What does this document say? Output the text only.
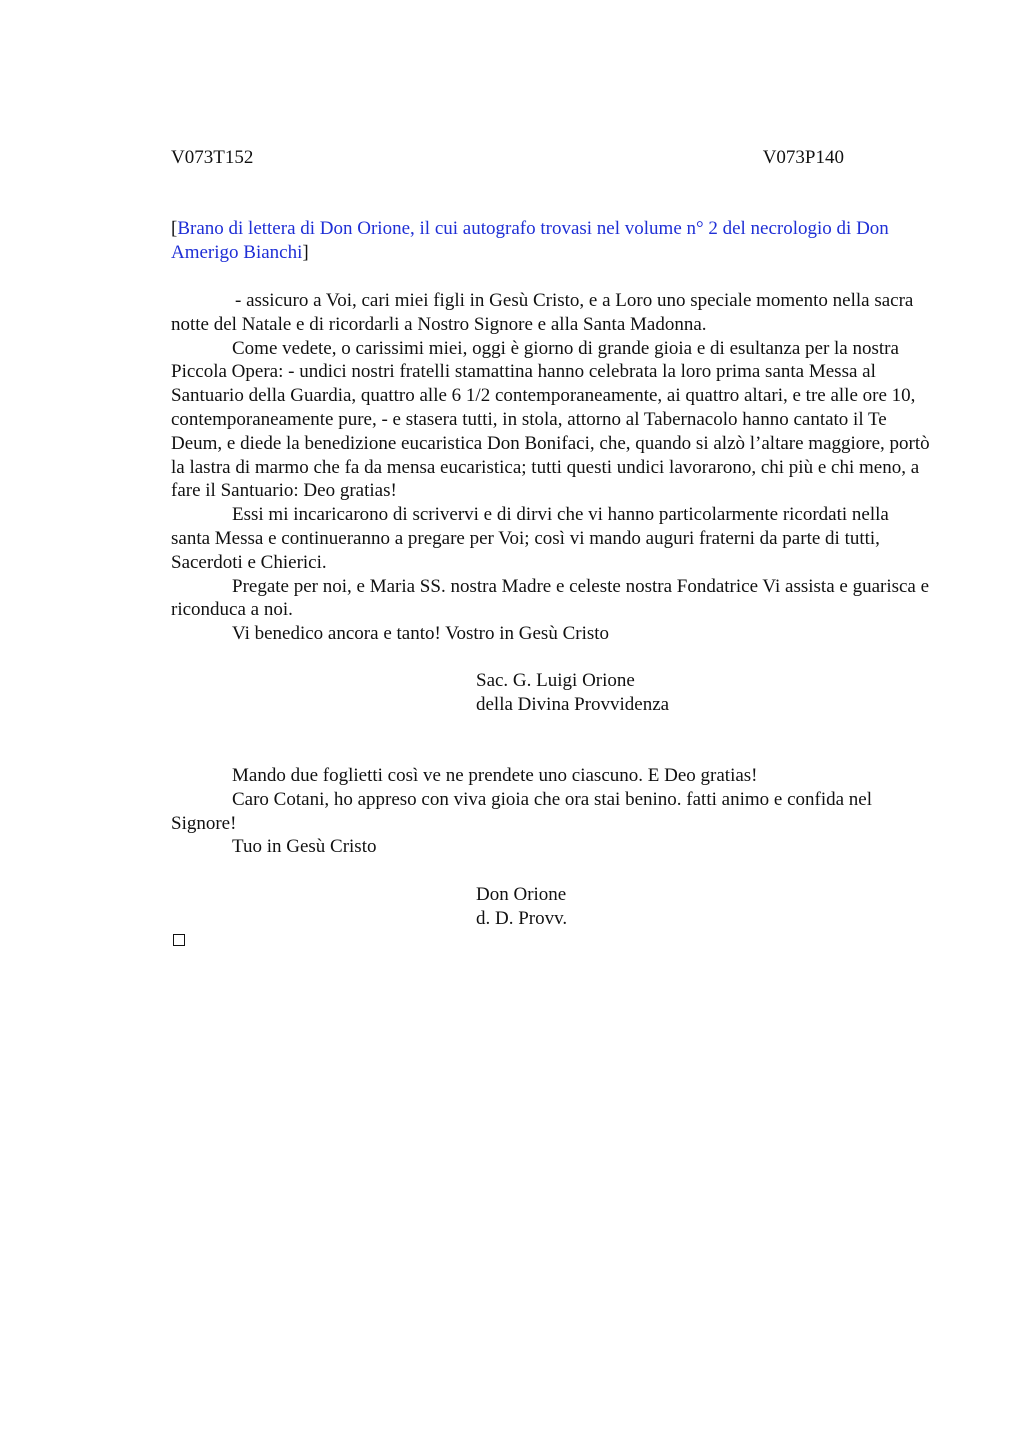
V073T152	V073P140
[Brano di lettera di Don Orione, il cui autografo trovasi nel volume n° 2 del necrologio di Don Amerigo Bianchi]

- assicuro a Voi, cari miei figli in Gesù Cristo, e a Loro uno speciale momento nella sacra notte del Natale e di ricordarli a Nostro Signore e alla Santa Madonna.

Come vedete, o carissimi miei, oggi è giorno di grande gioia e di esultanza per la nostra Piccola Opera: - undici nostri fratelli stamattina hanno celebrata la loro prima santa Messa al Santuario della Guardia, quattro alle 6 1/2 contemporaneamente, ai quattro altari, e tre alle ore 10, contemporaneamente pure, - e stasera tutti, in stola, attorno al Tabernacolo hanno cantato il Te Deum, e diede la benedizione eucaristica Don Bonifaci, che, quando si alzò l’altare maggiore, portò la lastra di marmo che fa da mensa eucaristica; tutti questi undici lavorarono, chi più e chi meno, a fare il Santuario: Deo gratias!

Essi mi incaricarono di scrivervi e di dirvi che vi hanno particolarmente ricordati nella santa Messa e continueranno a pregare per Voi; così vi mando auguri fraterni da parte di tutti, Sacerdoti e Chierici.

Pregate per noi, e Maria SS. nostra Madre e celeste nostra Fondatrice Vi assista e guarisca e riconduca a noi.

Vi benedico ancora e tanto! Vostro in Gesù Cristo

Sac. G. Luigi Orione
della Divina Provvidenza

Mando due foglietti così ve ne prendete uno ciascuno. E Deo gratias!

Caro Cotani, ho appreso con viva gioia che ora stai benino. fatti animo e confida nel Signore!

Tuo in Gesù Cristo

Don Orione
d. D. Provv.
